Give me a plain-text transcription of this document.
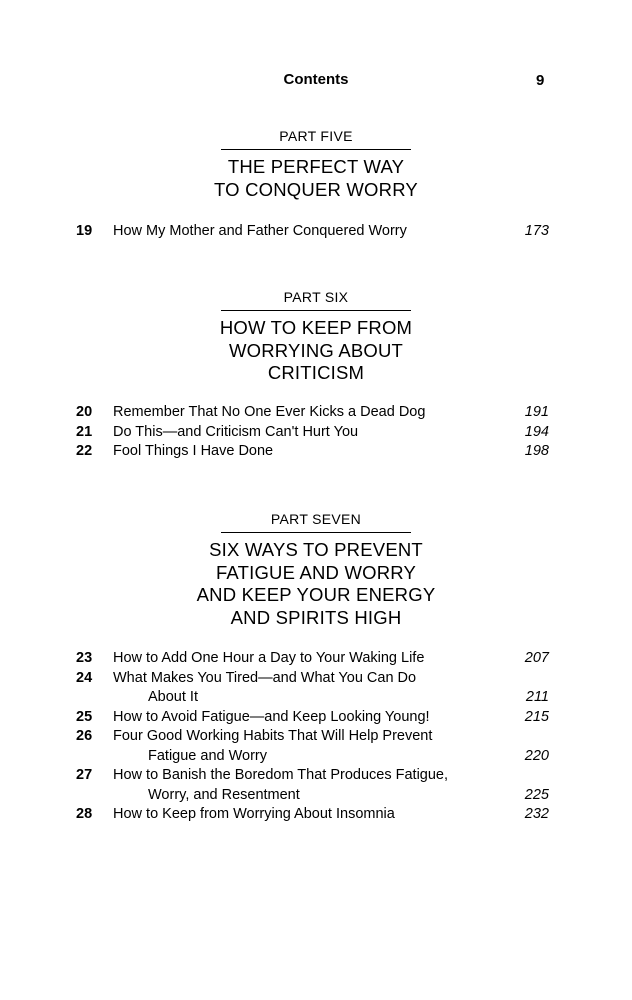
Contents	9
PART FIVE
THE PERFECT WAY
TO CONQUER WORRY
19	How My Mother and Father Conquered Worry	173
PART SIX
HOW TO KEEP FROM
WORRYING ABOUT
CRITICISM
20	Remember That No One Ever Kicks a Dead Dog	191
21	Do This—and Criticism Can't Hurt You	194
22	Fool Things I Have Done	198
PART SEVEN
SIX WAYS TO PREVENT
FATIGUE AND WORRY
AND KEEP YOUR ENERGY
AND SPIRITS HIGH
23	How to Add One Hour a Day to Your Waking Life	207
24	What Makes You Tired—and What You Can Do
About It	211
25	How to Avoid Fatigue—and Keep Looking Young!	215
26	Four Good Working Habits That Will Help Prevent
Fatigue and Worry	220
27	How to Banish the Boredom That Produces Fatigue,
Worry, and Resentment	225
28	How to Keep from Worrying About Insomnia	232
